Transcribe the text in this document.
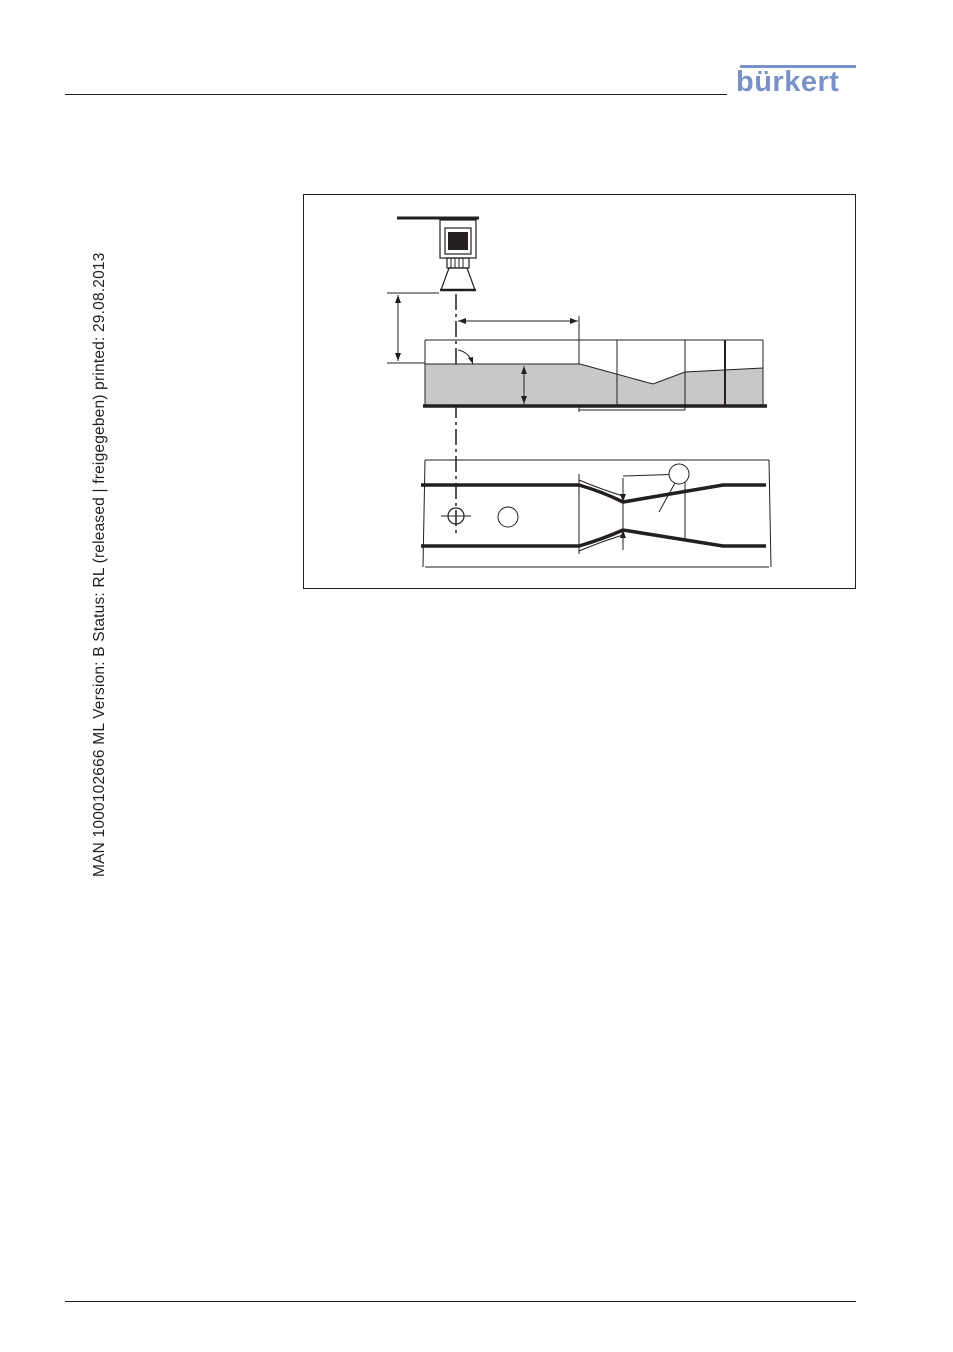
bürkert
MAN 1000102666 ML Version: B Status: RL (released | freigegeben) printed: 29.08.2013
